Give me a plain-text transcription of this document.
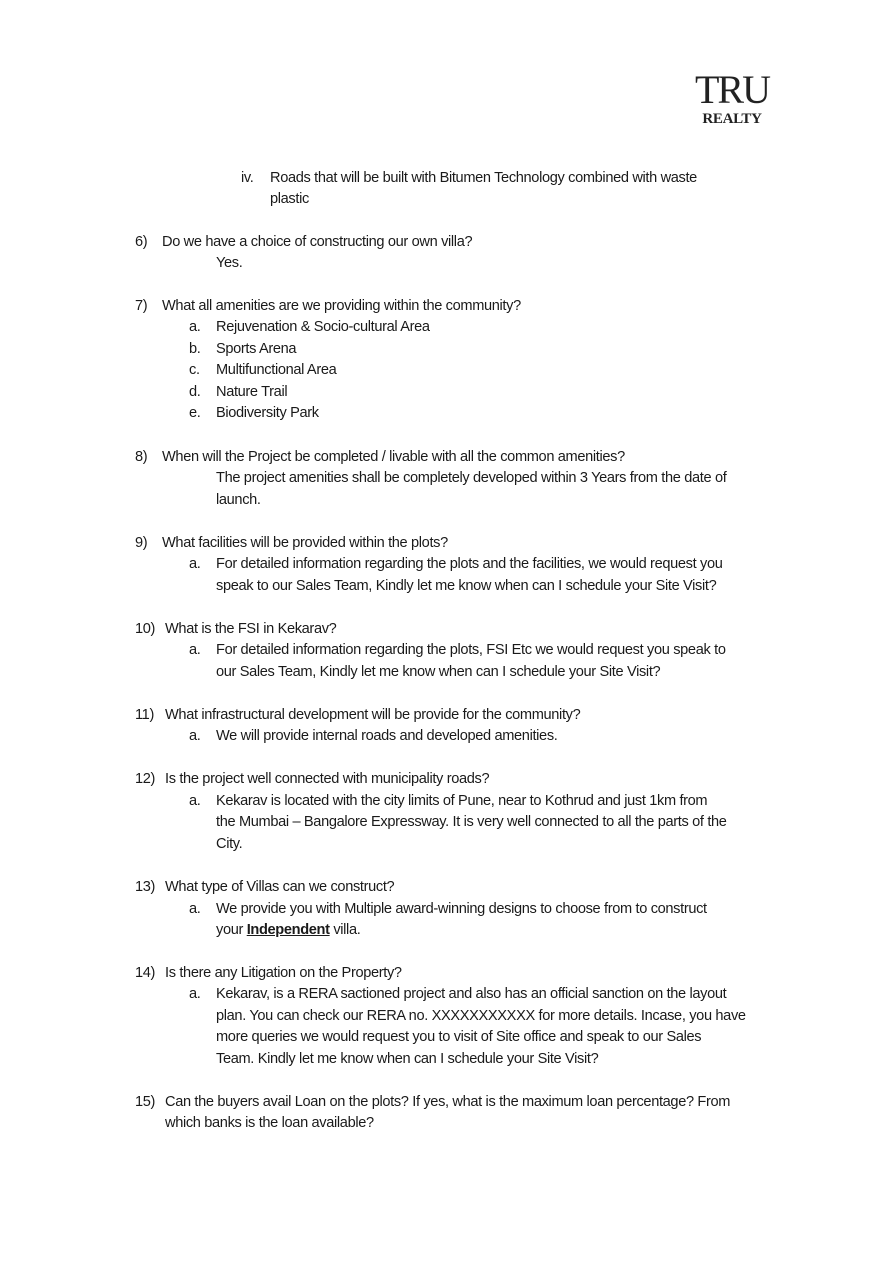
TRU
REALTY
iv. Roads that will be built with Bitumen Technology combined with waste
plastic
6) Do we have a choice of constructing our own villa?
Yes.
7) What all amenities are we providing within the community?
a. Rejuvenation & Socio-cultural Area
b. Sports Arena
c. Multifunctional Area
d. Nature Trail
e. Biodiversity Park
8) When will the Project be completed / livable with all the common amenities?
The project amenities shall be completely developed within 3 Years from the date of
launch.
9) What facilities will be provided within the plots?
a. For detailed information regarding the plots and the facilities, we would request you
speak to our Sales Team, Kindly let me know when can I schedule your Site Visit?
10) What is the FSI in Kekarav?
a. For detailed information regarding the plots, FSI Etc we would request you speak to
our Sales Team, Kindly let me know when can I schedule your Site Visit?
11) What infrastructural development will be provide for the community?
a. We will provide internal roads and developed amenities.
12) Is the project well connected with municipality roads?
a. Kekarav is located with the city limits of Pune, near to Kothrud and just 1km from
the Mumbai – Bangalore Expressway. It is very well connected to all the parts of the
City.
13) What type of Villas can we construct?
a. We provide you with Multiple award-winning designs to choose from to construct
your Independent villa.
14) Is there any Litigation on the Property?
a. Kekarav, is a RERA sactioned project and also has an official sanction on the layout
plan. You can check our RERA no. XXXXXXXXXXX for more details. Incase, you have
more queries we would request you to visit of Site office and speak to our Sales
Team. Kindly let me know when can I schedule your Site Visit?
15) Can the buyers avail Loan on the plots? If yes, what is the maximum loan percentage? From
which banks is the loan available?
